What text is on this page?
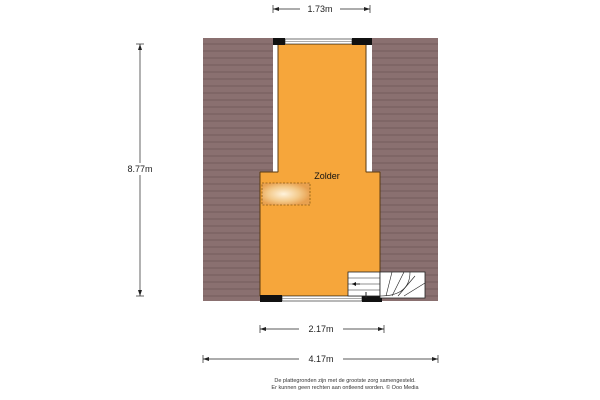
Zolder
1.73m
8.77m
2.17m
4.17m
De plattegronden zijn met de grootste zorg samengesteld.
Er kunnen geen rechten aan ontleend worden. © Ooo Media
